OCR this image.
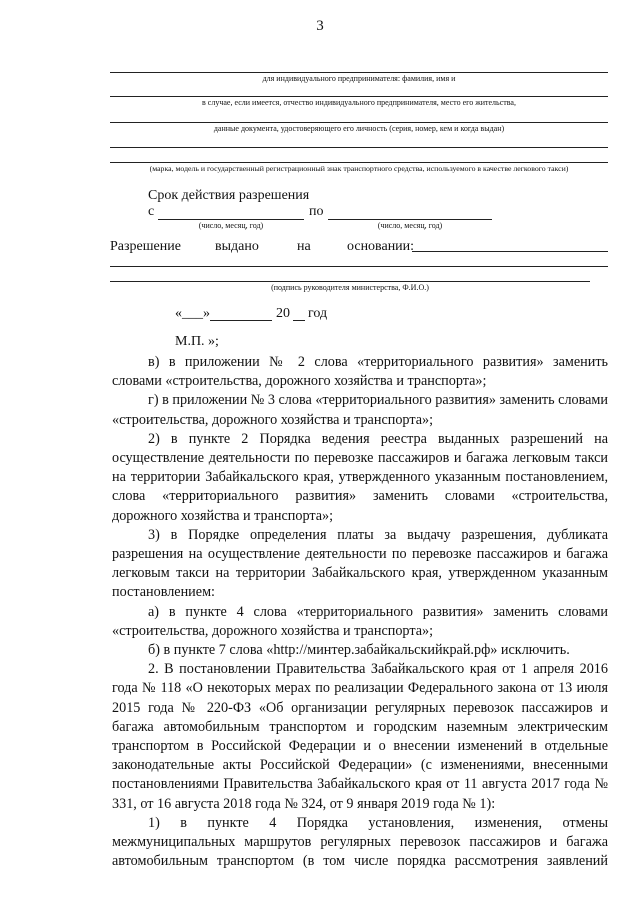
3
для индивидуального предпринимателя: фамилия, имя и
в случае, если имеется, отчество индивидуального предпринимателя, место его жительства,
данные документа, удостоверяющего его личность (серия, номер, кем и когда выдан)
(марка, модель и государственный регистрационный знак транспортного средства, используемого в качестве легкового такси)
Срок действия разрешения
с
(число, месяц, год)
по
(число, месяц, год)
Разрешение выдано	на	основании:
(подпись руководителя министерства, Ф.И.О.)
«___»	20 год
М.П. »;

в) в приложении № 2 слова «территориального развития» заменить словами «строительства, дорожного хозяйства и транспорта»;

г) в приложении № 3 слова «территориального развития» заменить словами «строительства, дорожного хозяйства и транспорта»;

2) в пункте 2 Порядка ведения реестра выданных разрешений на осуществление деятельности по перевозке пассажиров и багажа легковым такси на территории Забайкальского края, утвержденного указанным постановлением, слова «территориального развития» заменить словами «строительства, дорожного хозяйства и транспорта»;

3) в Порядке определения платы за выдачу разрешения, дубликата разрешения на осуществление деятельности по перевозке пассажиров и багажа легковым такси на территории Забайкальского края, утвержденном указанным постановлением:

а) в пункте 4 слова «территориального развития» заменить словами «строительства, дорожного хозяйства и транспорта»;

б) в пункте 7 слова «http://минтер.забайкальскийкрай.рф» исключить.

2. В постановлении Правительства Забайкальского края от 1 апреля 2016 года № 118 «О некоторых мерах по реализации Федерального закона от 13 июля 2015 года № 220-ФЗ «Об организации регулярных перевозок пассажиров и багажа автомобильным транспортом и городским наземным электрическим транспортом в Российской Федерации и о внесении изменений в отдельные законодательные акты Российской Федерации» (с изменениями, внесенными постановлениями Правительства Забайкальского края от 11 августа 2017 года № 331, от 16 августа 2018 года № 324, от 9 января 2019 года № 1):

1) в пункте 4 Порядка установления, изменения, отмены межмуниципальных маршрутов регулярных перевозок пассажиров и багажа автомобильным транспортом (в том числе порядка рассмотрения заявлений
